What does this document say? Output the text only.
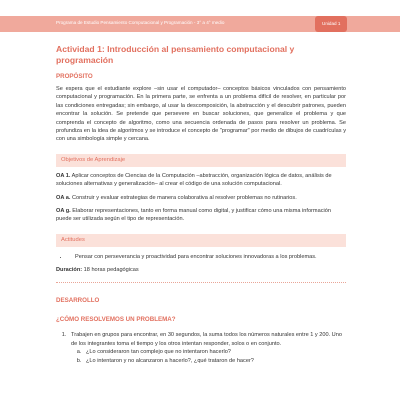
Programa de Estudio Pensamiento Computacional y Programación - 3° a 4° medio	Unidad 1
Actividad 1: Introducción al pensamiento computacional y programación
PROPÓSITO

Se espera que el estudiante explore –sin usar el computador– conceptos básicos vinculados con pensamiento computacional y programación. En la primera parte, se enfrenta a un problema difícil de resolver, en particular por las condiciones entregadas; sin embargo, al usar la descomposición, la abstracción y el descubrir patrones, pueden encontrar la solución. Se pretende que persevere en buscar soluciones, que generalice el problema y que comprenda el concepto de algoritmo, como una secuencia ordenada de pasos para resolver un problema. Se profundiza en la idea de algoritmos y se introduce el concepto de "programar" por medio de dibujos de cuadrículas y con una simbología simple y cercana.

Objetivos de Aprendizaje

OA 1. Aplicar conceptos de Ciencias de la Computación –abstracción, organización lógica de datos, análisis de soluciones alternativas y generalización– al crear el código de una solución computacional.

OA a. Construir y evaluar estrategias de manera colaborativa al resolver problemas no rutinarios.

OA g. Elaborar representaciones, tanto en forma manual como digital, y justificar cómo una misma información puede ser utilizada según el tipo de representación.

Actitudes
• Pensar con perseverancia y proactividad para encontrar soluciones innovadoras a los problemas.
Duración: 18 horas pedagógicas
DESARROLLO
¿CÓMO RESOLVEMOS UN PROBLEMA?
1. Trabajen en grupos para encontrar, en 30 segundos, la suma todos los números naturales entre 1 y 200. Uno de los integrantes toma el tiempo y los otros intentan responder, solos o en conjunto.
a. ¿Lo consideraron tan complejo que no intentaron hacerlo?
b. ¿Lo intentaron y no alcanzaron a hacerlo?, ¿qué trataron de hacer?
